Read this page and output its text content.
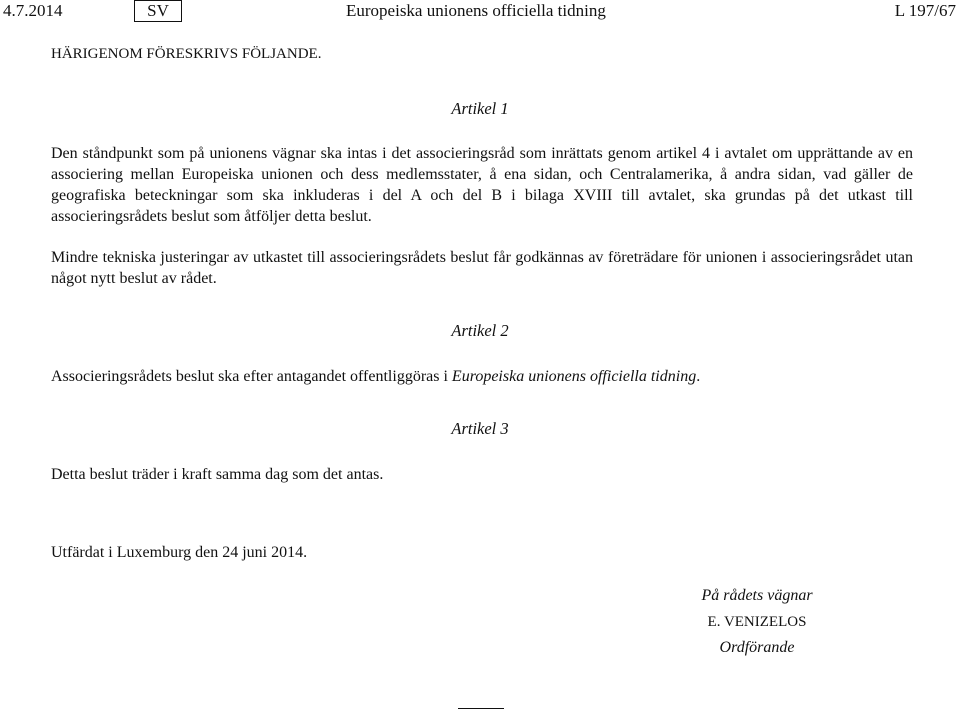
4.7.2014	SV	Europeiska unionens officiella tidning	L 197/67
HÄRIGENOM FÖRESKRIVS FÖLJANDE.
Artikel 1

Den ståndpunkt som på unionens vägnar ska intas i det associeringsråd som inrättats genom artikel 4 i avtalet om upprättande av en associering mellan Europeiska unionen och dess medlemsstater, å ena sidan, och Centralamerika, å andra sidan, vad gäller de geografiska beteckningar som ska inkluderas i del A och del B i bilaga XVIII till avtalet, ska grundas på det utkast till associeringsrådets beslut som åtföljer detta beslut.

Mindre tekniska justeringar av utkastet till associeringsrådets beslut får godkännas av företrädare för unionen i associeringsrådet utan något nytt beslut av rådet.

Artikel 2

Associeringsrådets beslut ska efter antagandet offentliggöras i Europeiska unionens officiella tidning.

Artikel 3

Detta beslut träder i kraft samma dag som det antas.

Utfärdat i Luxemburg den 24 juni 2014.

På rådets vägnar
E. VENIZELOS
Ordförande
